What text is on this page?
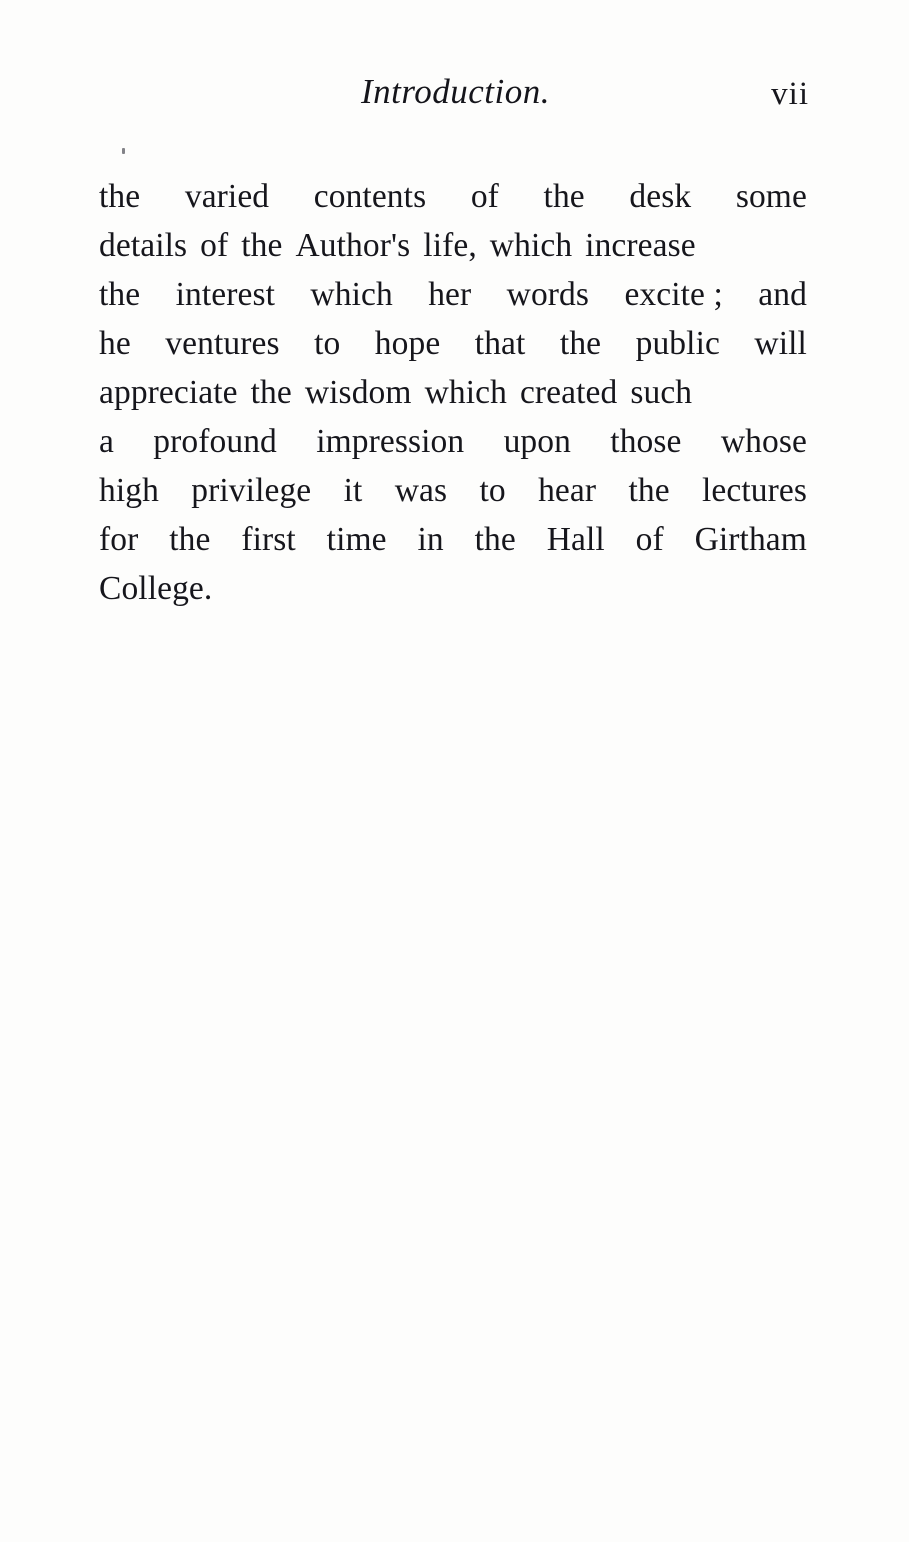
Introduction.	vii
the varied contents of the desk some
details of the Author's life, which increase
the interest which her words excite ; and
he ventures to hope that the public will
appreciate the wisdom which created such
a profound impression upon those whose
high privilege it was to hear the lectures
for the first time in the Hall of Girtham
College.
